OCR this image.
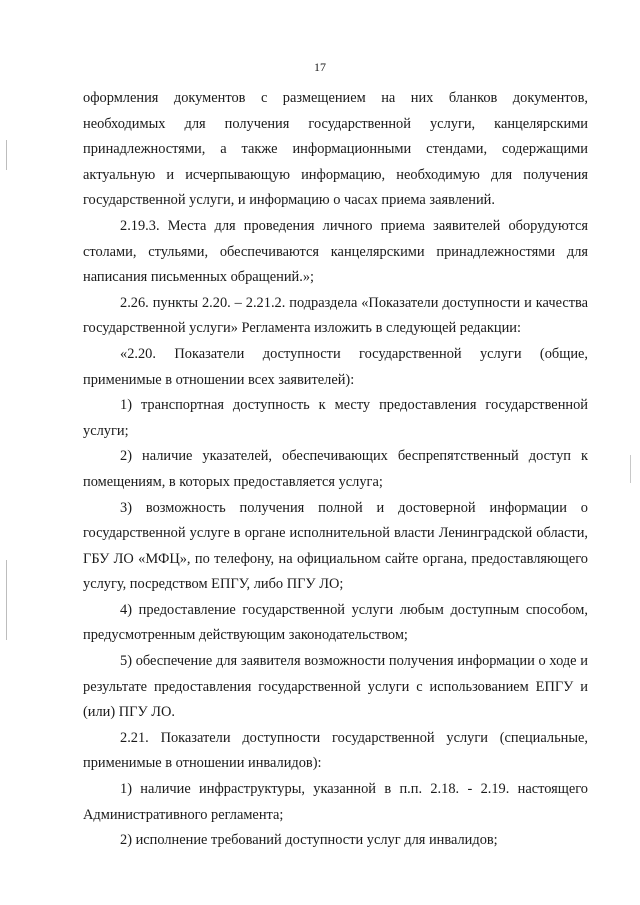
17

оформления документов с размещением на них бланков документов, необходимых для получения государственной услуги, канцелярскими принадлежностями, а также информационными стендами, содержащими актуальную и исчерпывающую информацию, необходимую для получения государственной услуги, и информацию о часах приема заявлений.

2.19.3. Места для проведения личного приема заявителей оборудуются столами, стульями, обеспечиваются канцелярскими принадлежностями для написания письменных обращений.»;

2.26. пункты 2.20. – 2.21.2. подраздела «Показатели доступности и качества государственной услуги» Регламента изложить в следующей редакции:

«2.20. Показатели доступности государственной услуги (общие, применимые в отношении всех заявителей):

1) транспортная доступность к месту предоставления государственной услуги;

2) наличие указателей, обеспечивающих беспрепятственный доступ к помещениям, в которых предоставляется услуга;

3) возможность получения полной и достоверной информации о государственной услуге в органе исполнительной власти Ленинградской области, ГБУ ЛО «МФЦ», по телефону, на официальном сайте органа, предоставляющего услугу, посредством ЕПГУ, либо ПГУ ЛО;

4) предоставление государственной услуги любым доступным способом, предусмотренным действующим законодательством;

5) обеспечение для заявителя возможности получения информации о ходе и результате предоставления государственной услуги с использованием ЕПГУ и (или) ПГУ ЛО.

2.21. Показатели доступности государственной услуги (специальные, применимые в отношении инвалидов):

1) наличие инфраструктуры, указанной в п.п. 2.18. - 2.19. настоящего Административного регламента;

2) исполнение требований доступности услуг для инвалидов;
